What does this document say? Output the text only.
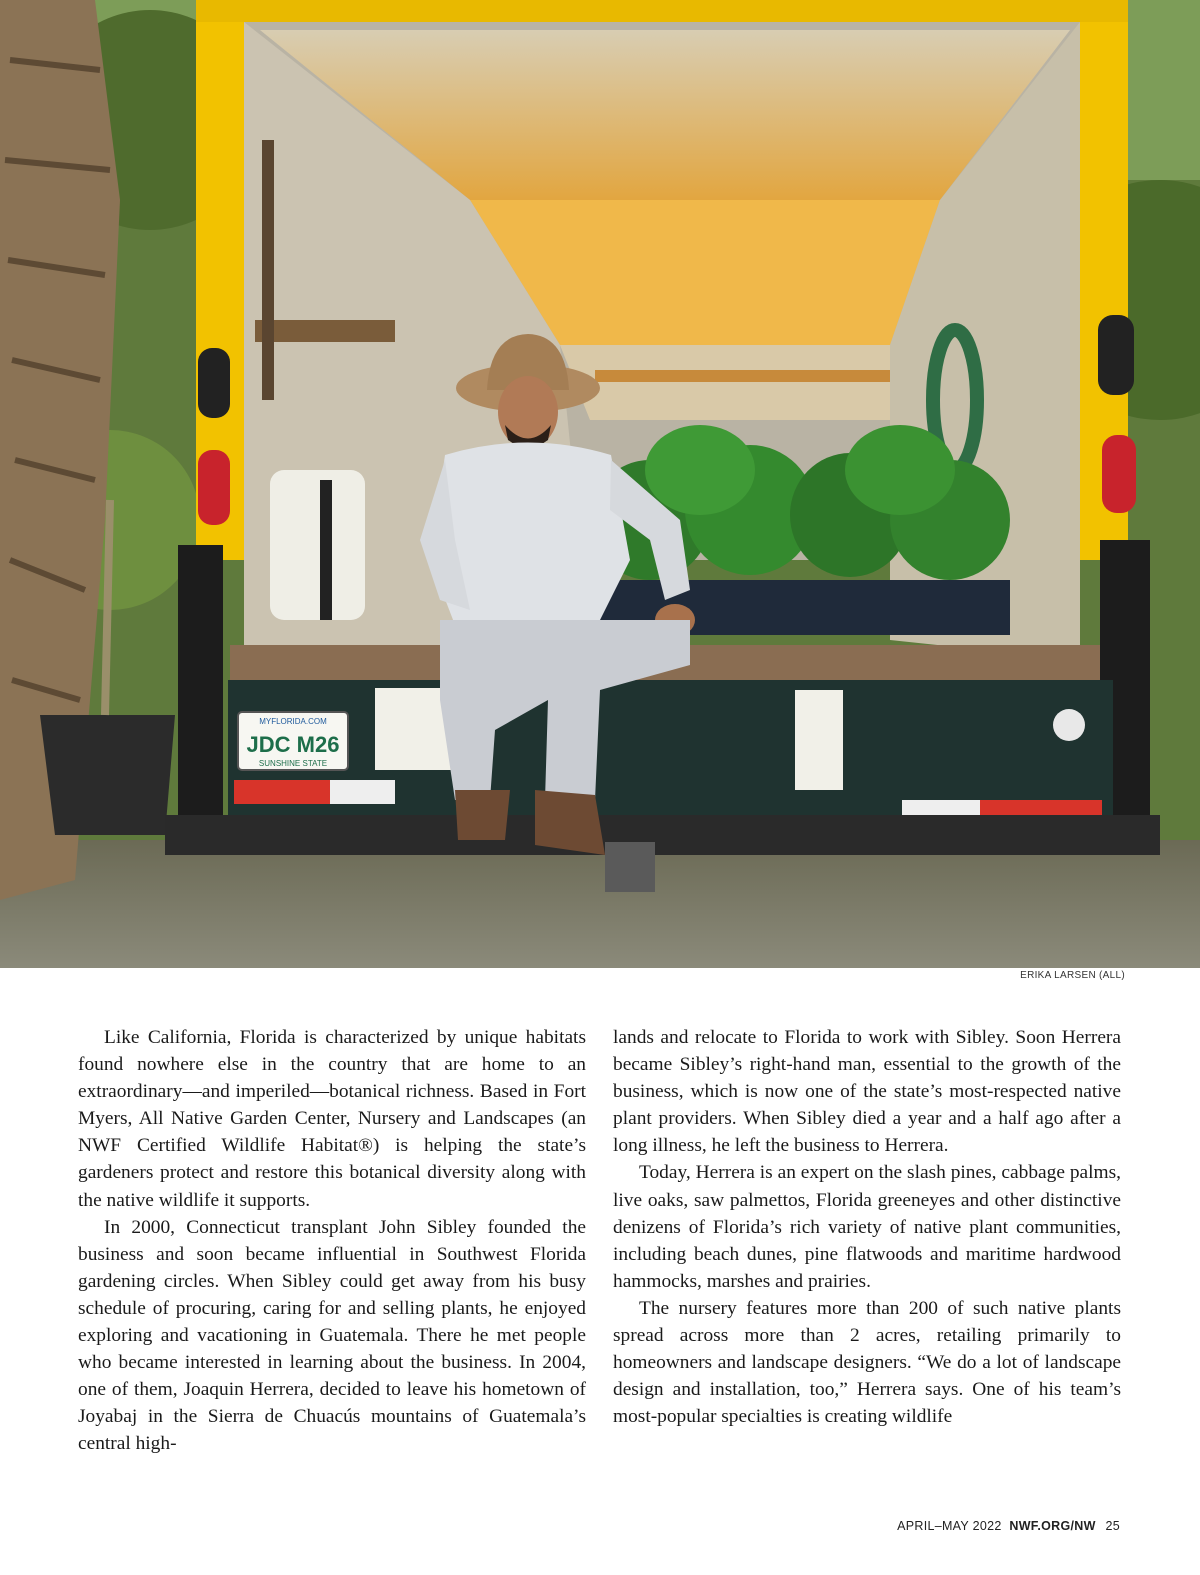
MYFLORIDA.COM
JDC M26
SUNSHINE STATE
ERIKA LARSEN (ALL)

Like California, Florida is characterized by unique habitats found nowhere else in the country that are home to an extraordinary—and imperiled—botanical richness. Based in Fort Myers, All Native Garden Center, Nursery and Landscapes (an NWF Certified Wildlife Habitat®) is helping the state’s gardeners protect and restore this botanical diversity along with the native wildlife it supports.

In 2000, Connecticut transplant John Sibley founded the business and soon became influential in Southwest Florida gardening circles. When Sibley could get away from his busy schedule of procuring, caring for and selling plants, he enjoyed exploring and vacationing in Guatemala. There he met people who became interested in learning about the business. In 2004, one of them, Joaquin Herrera, decided to leave his hometown of Joyabaj in the Sierra de Chuacús mountains of Guatemala’s central high-

lands and relocate to Florida to work with Sibley. Soon Herrera became Sibley’s right-hand man, essential to the growth of the business, which is now one of the state’s most-respected native plant providers. When Sibley died a year and a half ago after a long illness, he left the business to Herrera.

Today, Herrera is an expert on the slash pines, cabbage palms, live oaks, saw palmettos, Florida greeneyes and other distinctive denizens of Florida’s rich variety of native plant communities, including beach dunes, pine flatwoods and maritime hardwood hammocks, marshes and prairies.

The nursery features more than 200 of such native plants spread across more than 2 acres, retailing primarily to homeowners and landscape designers. “We do a lot of landscape design and installation, too,” Herrera says. One of his team’s most-popular specialties is creating wildlife

APRIL–MAY 2022 NWF.ORG/NW 25
